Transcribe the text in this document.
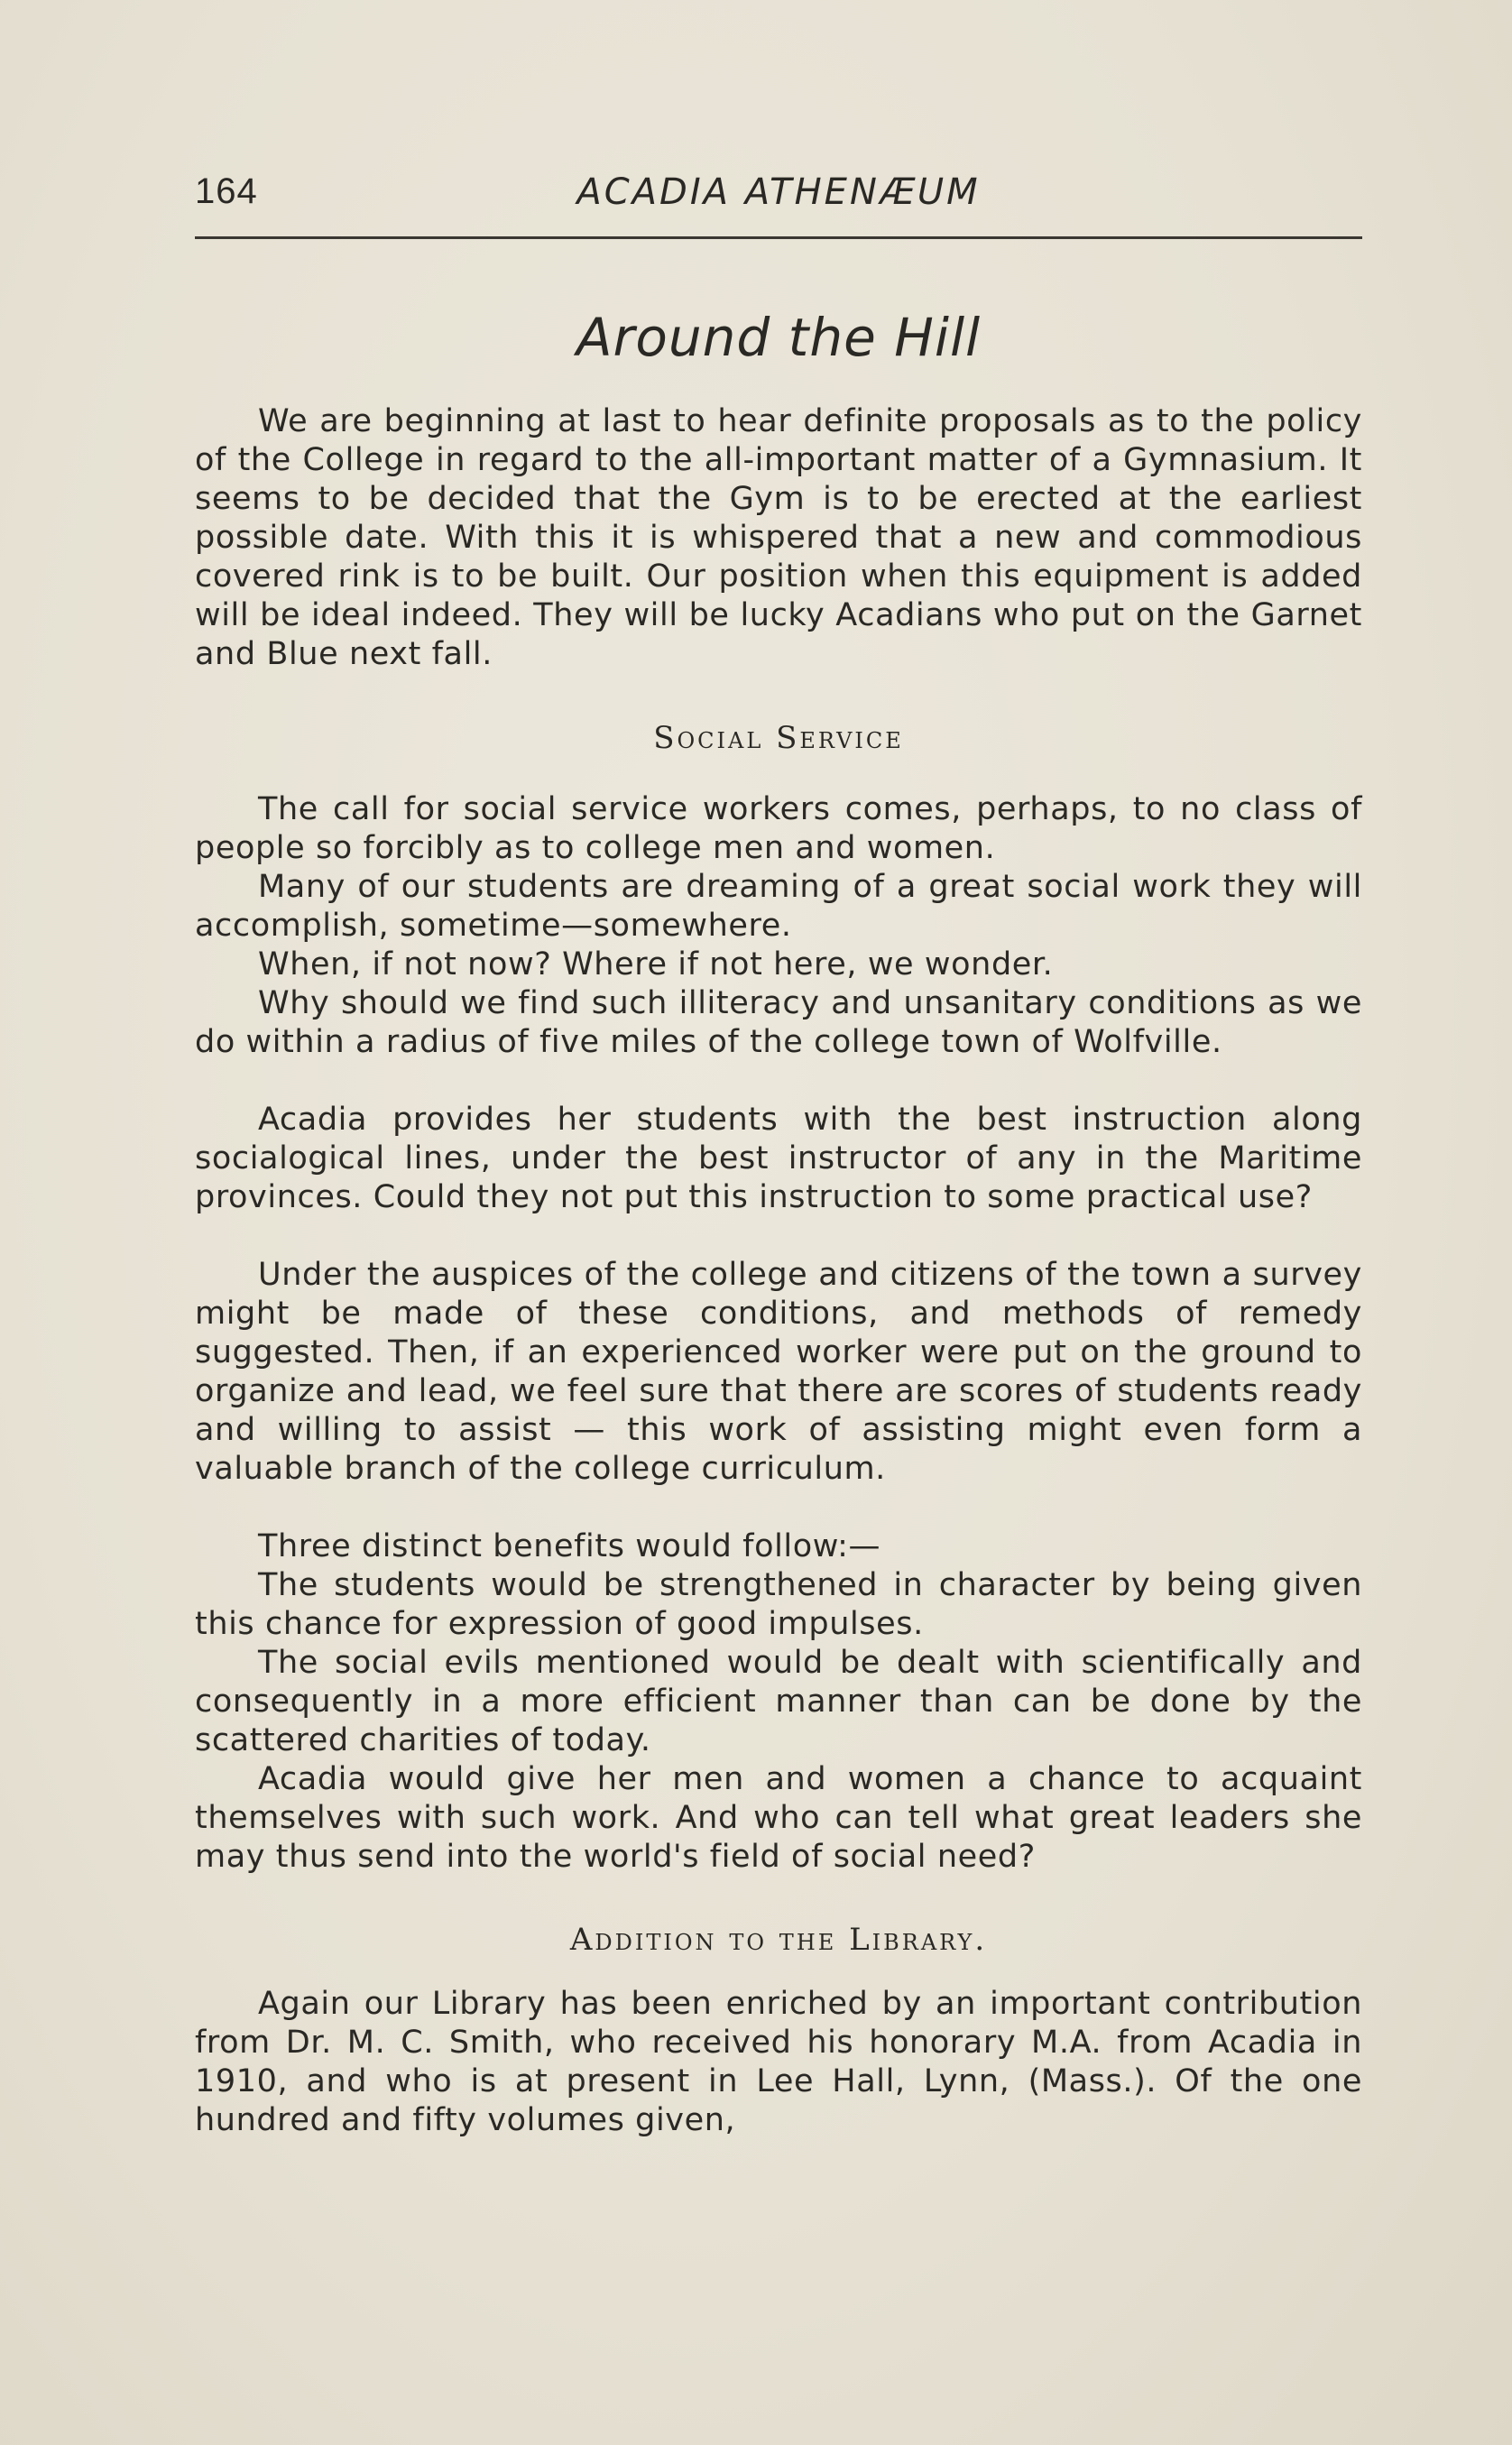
164	ACADIA ATHENÆUM
Around the Hill

We are beginning at last to hear definite proposals as to the policy of the College in regard to the all-important matter of a Gymnasium. It seems to be decided that the Gym is to be erected at the earliest possible date. With this it is whispered that a new and commodious covered rink is to be built. Our position when this equipment is added will be ideal indeed. They will be lucky Acadians who put on the Garnet and Blue next fall.

Social Service

The call for social service workers comes, perhaps, to no class of people so forcibly as to college men and women.

Many of our students are dreaming of a great social work they will accomplish, sometime—somewhere.

When, if not now? Where if not here, we wonder.

Why should we find such illiteracy and unsanitary conditions as we do within a radius of five miles of the college town of Wolfville.

Acadia provides her students with the best instruction along socialogical lines, under the best instructor of any in the Maritime provinces. Could they not put this instruction to some practical use?

Under the auspices of the college and citizens of the town a survey might be made of these conditions, and methods of remedy suggested. Then, if an experienced worker were put on the ground to organize and lead, we feel sure that there are scores of students ready and willing to assist — this work of assisting might even form a valuable branch of the college curriculum.

Three distinct benefits would follow:—

The students would be strengthened in character by being given this chance for expression of good impulses.

The social evils mentioned would be dealt with scientifically and consequently in a more efficient manner than can be done by the scattered charities of today.

Acadia would give her men and women a chance to acquaint themselves with such work. And who can tell what great leaders she may thus send into the world's field of social need?

Addition to the Library.

Again our Library has been enriched by an important contribution from Dr. M. C. Smith, who received his honorary M.A. from Acadia in 1910, and who is at present in Lee Hall, Lynn, (Mass.). Of the one hundred and fifty volumes given,
